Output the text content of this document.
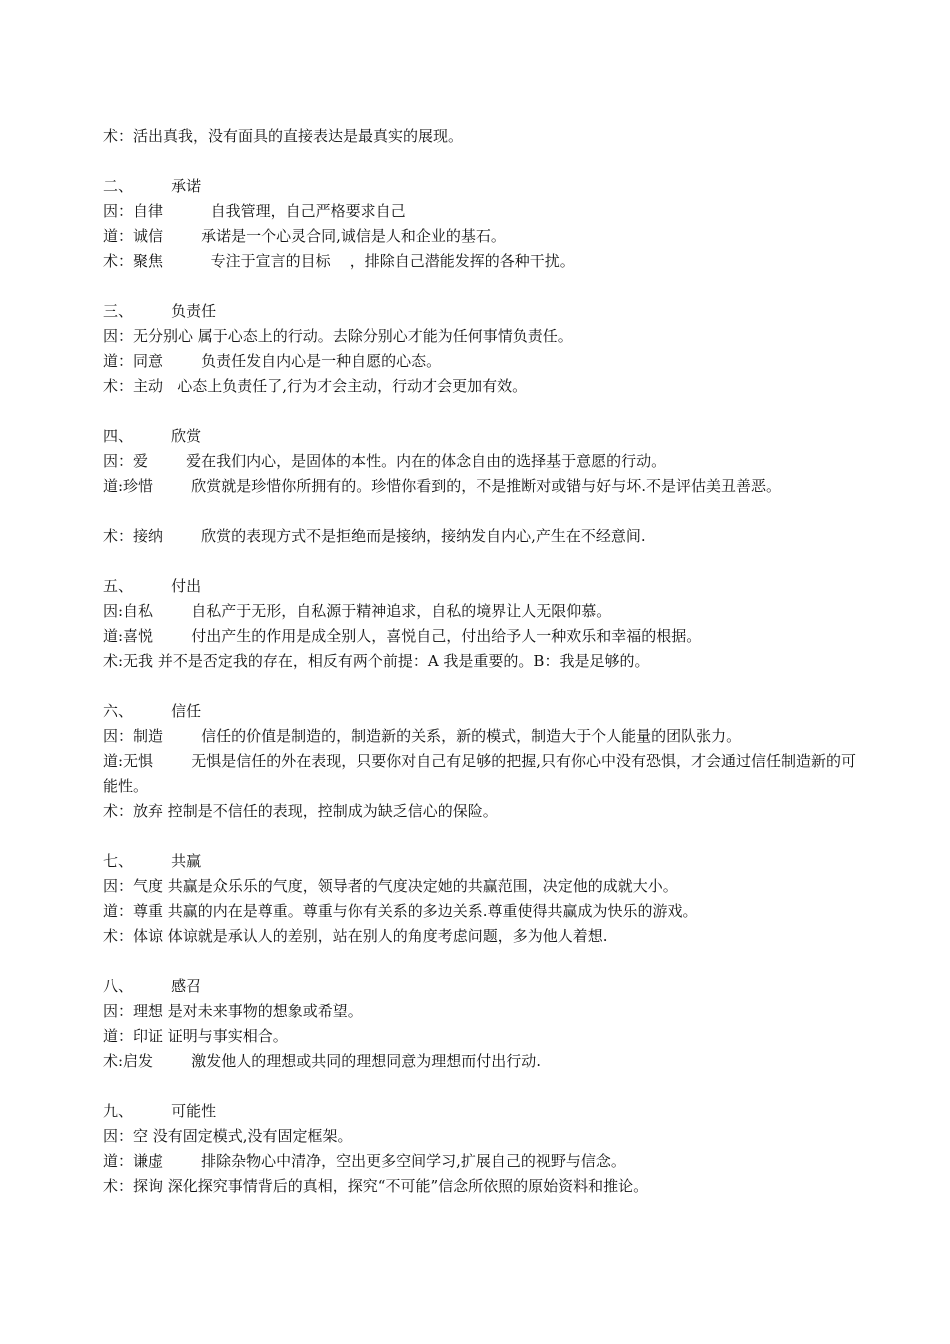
术：活出真我，没有面具的直接表达是最真实的展现。
二、        承诺
因：自律          自我管理，自己严格要求自己
道：诚信        承诺是一个心灵合同,诚信是人和企业的基石。
术：聚焦          专注于宣言的目标    ，排除自己潜能发挥的各种干扰。
三、        负责任
因：无分别心 属于心态上的行动。去除分别心才能为任何事情负责任。
道：同意        负责任发自内心是一种自愿的心态。
术：主动   心态上负责任了,行为才会主动，行动才会更加有效。
四、        欣赏
因：爱        爱在我们内心，是固体的本性。内在的体念自由的选择基于意愿的行动。
道:珍惜        欣赏就是珍惜你所拥有的。珍惜你看到的，不是推断对或错与好与坏.不是评估美丑善恶。
术：接纳        欣赏的表现方式不是拒绝而是接纳，接纳发自内心,产生在不经意间.
五、        付出
因:自私        自私产于无形，自私源于精神追求，自私的境界让人无限仰慕。
道:喜悦        付出产生的作用是成全别人，喜悦自己，付出给予人一种欢乐和幸福的根据。
术:无我 并不是否定我的存在，相反有两个前提：A 我是重要的。B：我是足够的。
六、        信任
因：制造        信任的价值是制造的，制造新的关系，新的模式，制造大于个人能量的团队张力。
道:无惧        无惧是信任的外在表现，只要你对自己有足够的把握,只有你心中没有恐惧，才会通过信任制造新的可能性。
术：放弃 控制是不信任的表现，控制成为缺乏信心的保险。
七、        共赢
因：气度 共赢是众乐乐的气度，领导者的气度决定她的共赢范围，决定他的成就大小。
道：尊重 共赢的内在是尊重。尊重与你有关系的多边关系.尊重使得共赢成为快乐的游戏。
术：体谅 体谅就是承认人的差别，站在别人的角度考虑问题，多为他人着想.
八、        感召
因：理想 是对未来事物的想象或希望。
道：印证 证明与事实相合。
术:启发        激发他人的理想或共同的理想同意为理想而付出行动.
九、        可能性
因：空 没有固定模式,没有固定框架。
道：谦虚        排除杂物心中清净，空出更多空间学习,扩展自己的视野与信念。
术：探询 深化探究事情背后的真相，探究“不可能”信念所依照的原始资料和推论。
